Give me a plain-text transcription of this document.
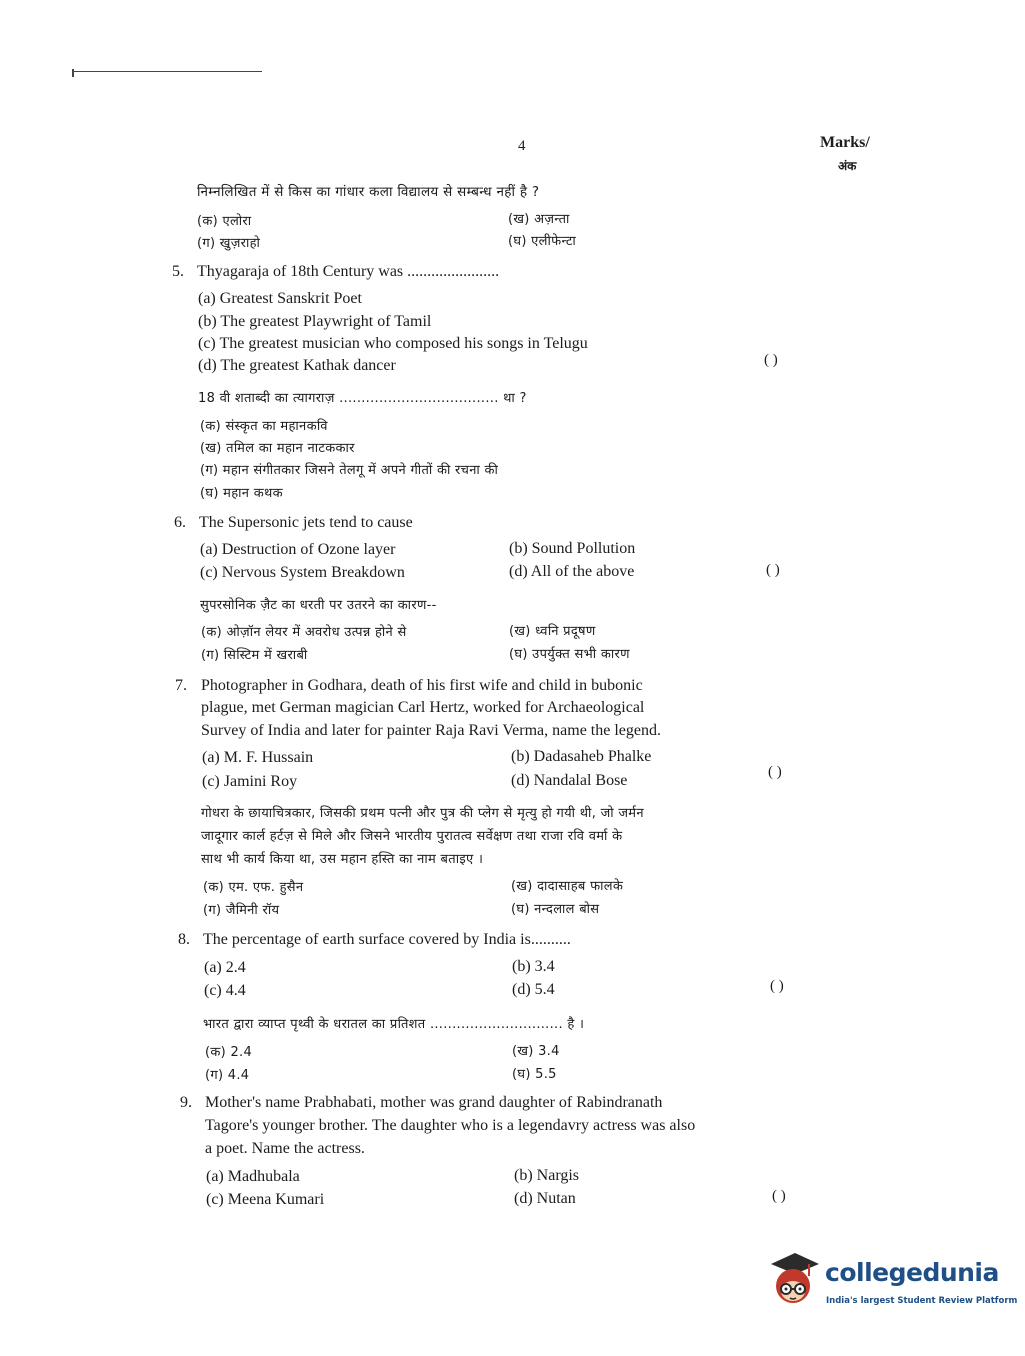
4	Marks/
अंक
निम्नलिखित में से किस का गांधार कला विद्यालय से सम्बन्ध नहीं है ?
(क) एलोरा	(ख) अज़न्ता
(ग) खुज़राहो	(घ) एलीफेन्टा
5. Thyagaraja of 18th Century was .......................
(a) Greatest Sanskrit Poet
(b) The greatest Playwright of Tamil
(c) The greatest musician who composed his songs in Telugu
(d) The greatest Kathak dancer	( )
18 वी शताब्दी का त्यागराज़ .................................... था ?
(क) संस्कृत का महानकवि
(ख) तमिल का महान नाटककार
(ग) महान संगीतकार जिसने तेलगू में अपने गीतों की रचना की
(घ) महान कथक
6. The Supersonic jets tend to cause
(a) Destruction of Ozone layer	(b) Sound Pollution
(c) Nervous System Breakdown	(d) All of the above	( )
सुपरसोनिक ज़ैट का धरती पर उतरने का कारण--
(क) ओज़ॉन लेयर में अवरोध उत्पन्न होने से	(ख) ध्वनि प्रदूषण
(ग) सिस्टिम में खराबी	(घ) उपर्युक्त सभी कारण
7. Photographer in Godhara, death of his first wife and child in bubonic
plague, met German magician Carl Hertz, worked for Archaeological
Survey of India and later for painter Raja Ravi Verma, name the legend.
(a) M. F. Hussain	(b) Dadasaheb Phalke
(c) Jamini Roy	(d) Nandalal Bose	( )
गोधरा के छायाचित्रकार, जिसकी प्रथम पत्नी और पुत्र की प्लेग से मृत्यु हो गयी थी, जो जर्मन
जादूगार कार्ल हर्टज़ से मिले और जिसने भारतीय पुरातत्व सर्वेक्षण तथा राजा रवि वर्मा के
साथ भी कार्य किया था, उस महान हस्ति का नाम बताइए ।
(क) एम. एफ. हुसैन	(ख) दादासाहब फालके
(ग) जैमिनी रॉय	(घ) नन्दलाल बोस
8. The percentage of earth surface covered by India is..........
(a) 2.4	(b) 3.4
(c) 4.4	(d) 5.4	( )
भारत द्वारा व्याप्त पृथ्वी के धरातल का प्रतिशत .............................. है ।
(क) 2.4	(ख) 3.4
(ग) 4.4	(घ) 5.5
9. Mother's name Prabhabati, mother was grand daughter of Rabindranath
Tagore's younger brother. The daughter who is a legendavry actress was also
a poet. Name the actress.
(a) Madhubala	(b) Nargis
(c) Meena Kumari	(d) Nutan	( )
collegedunia
India's largest Student Review Platform
